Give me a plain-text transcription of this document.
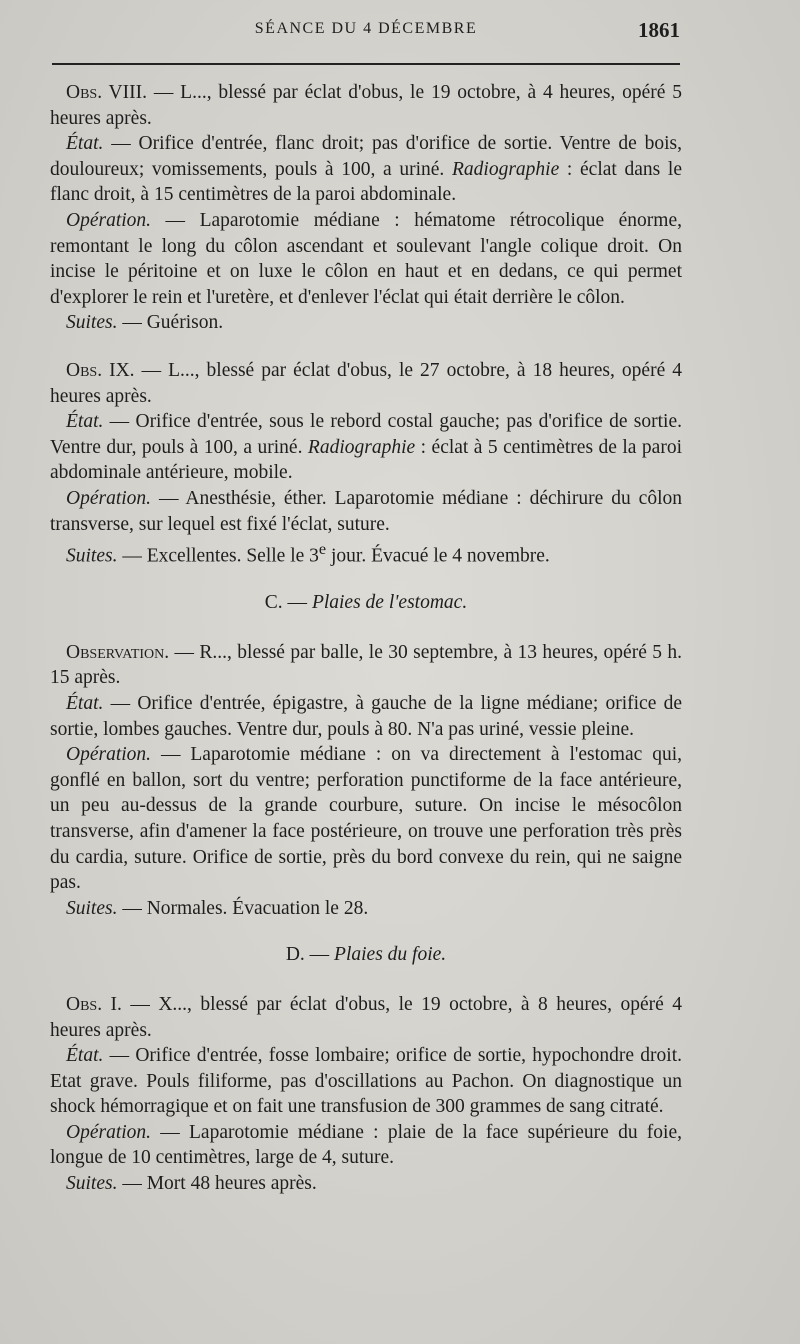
SÉANCE DU 4 DÉCEMBRE	1861

Obs. VIII. — L..., blessé par éclat d'obus, le 19 octobre, à 4 heures, opéré 5 heures après.

État. — Orifice d'entrée, flanc droit; pas d'orifice de sortie. Ventre de bois, douloureux; vomissements, pouls à 100, a uriné. Radiographie : éclat dans le flanc droit, à 15 centimètres de la paroi abdominale.

Opération. — Laparotomie médiane : hématome rétrocolique énorme, remontant le long du côlon ascendant et soulevant l'angle colique droit. On incise le péritoine et on luxe le côlon en haut et en dedans, ce qui permet d'explorer le rein et l'uretère, et d'enlever l'éclat qui était derrière le côlon.

Suites. — Guérison.

Obs. IX. — L..., blessé par éclat d'obus, le 27 octobre, à 18 heures, opéré 4 heures après.

État. — Orifice d'entrée, sous le rebord costal gauche; pas d'orifice de sortie. Ventre dur, pouls à 100, a uriné. Radiographie : éclat à 5 centimètres de la paroi abdominale antérieure, mobile.

Opération. — Anesthésie, éther. Laparotomie médiane : déchirure du côlon transverse, sur lequel est fixé l'éclat, suture.

Suites. — Excellentes. Selle le 3e jour. Évacué le 4 novembre.

C. — Plaies de l'estomac.

Observation. — R..., blessé par balle, le 30 septembre, à 13 heures, opéré 5 h. 15 après.

État. — Orifice d'entrée, épigastre, à gauche de la ligne médiane; orifice de sortie, lombes gauches. Ventre dur, pouls à 80. N'a pas uriné, vessie pleine.

Opération. — Laparotomie médiane : on va directement à l'estomac qui, gonflé en ballon, sort du ventre; perforation punctiforme de la face antérieure, un peu au-dessus de la grande courbure, suture. On incise le mésocôlon transverse, afin d'amener la face postérieure, on trouve une perforation très près du cardia, suture. Orifice de sortie, près du bord convexe du rein, qui ne saigne pas.

Suites. — Normales. Évacuation le 28.

D. — Plaies du foie.

Obs. I. — X..., blessé par éclat d'obus, le 19 octobre, à 8 heures, opéré 4 heures après.

État. — Orifice d'entrée, fosse lombaire; orifice de sortie, hypochondre droit. Etat grave. Pouls filiforme, pas d'oscillations au Pachon. On diagnostique un shock hémorragique et on fait une transfusion de 300 grammes de sang citraté.

Opération. — Laparotomie médiane : plaie de la face supérieure du foie, longue de 10 centimètres, large de 4, suture.

Suites. — Mort 48 heures après.
